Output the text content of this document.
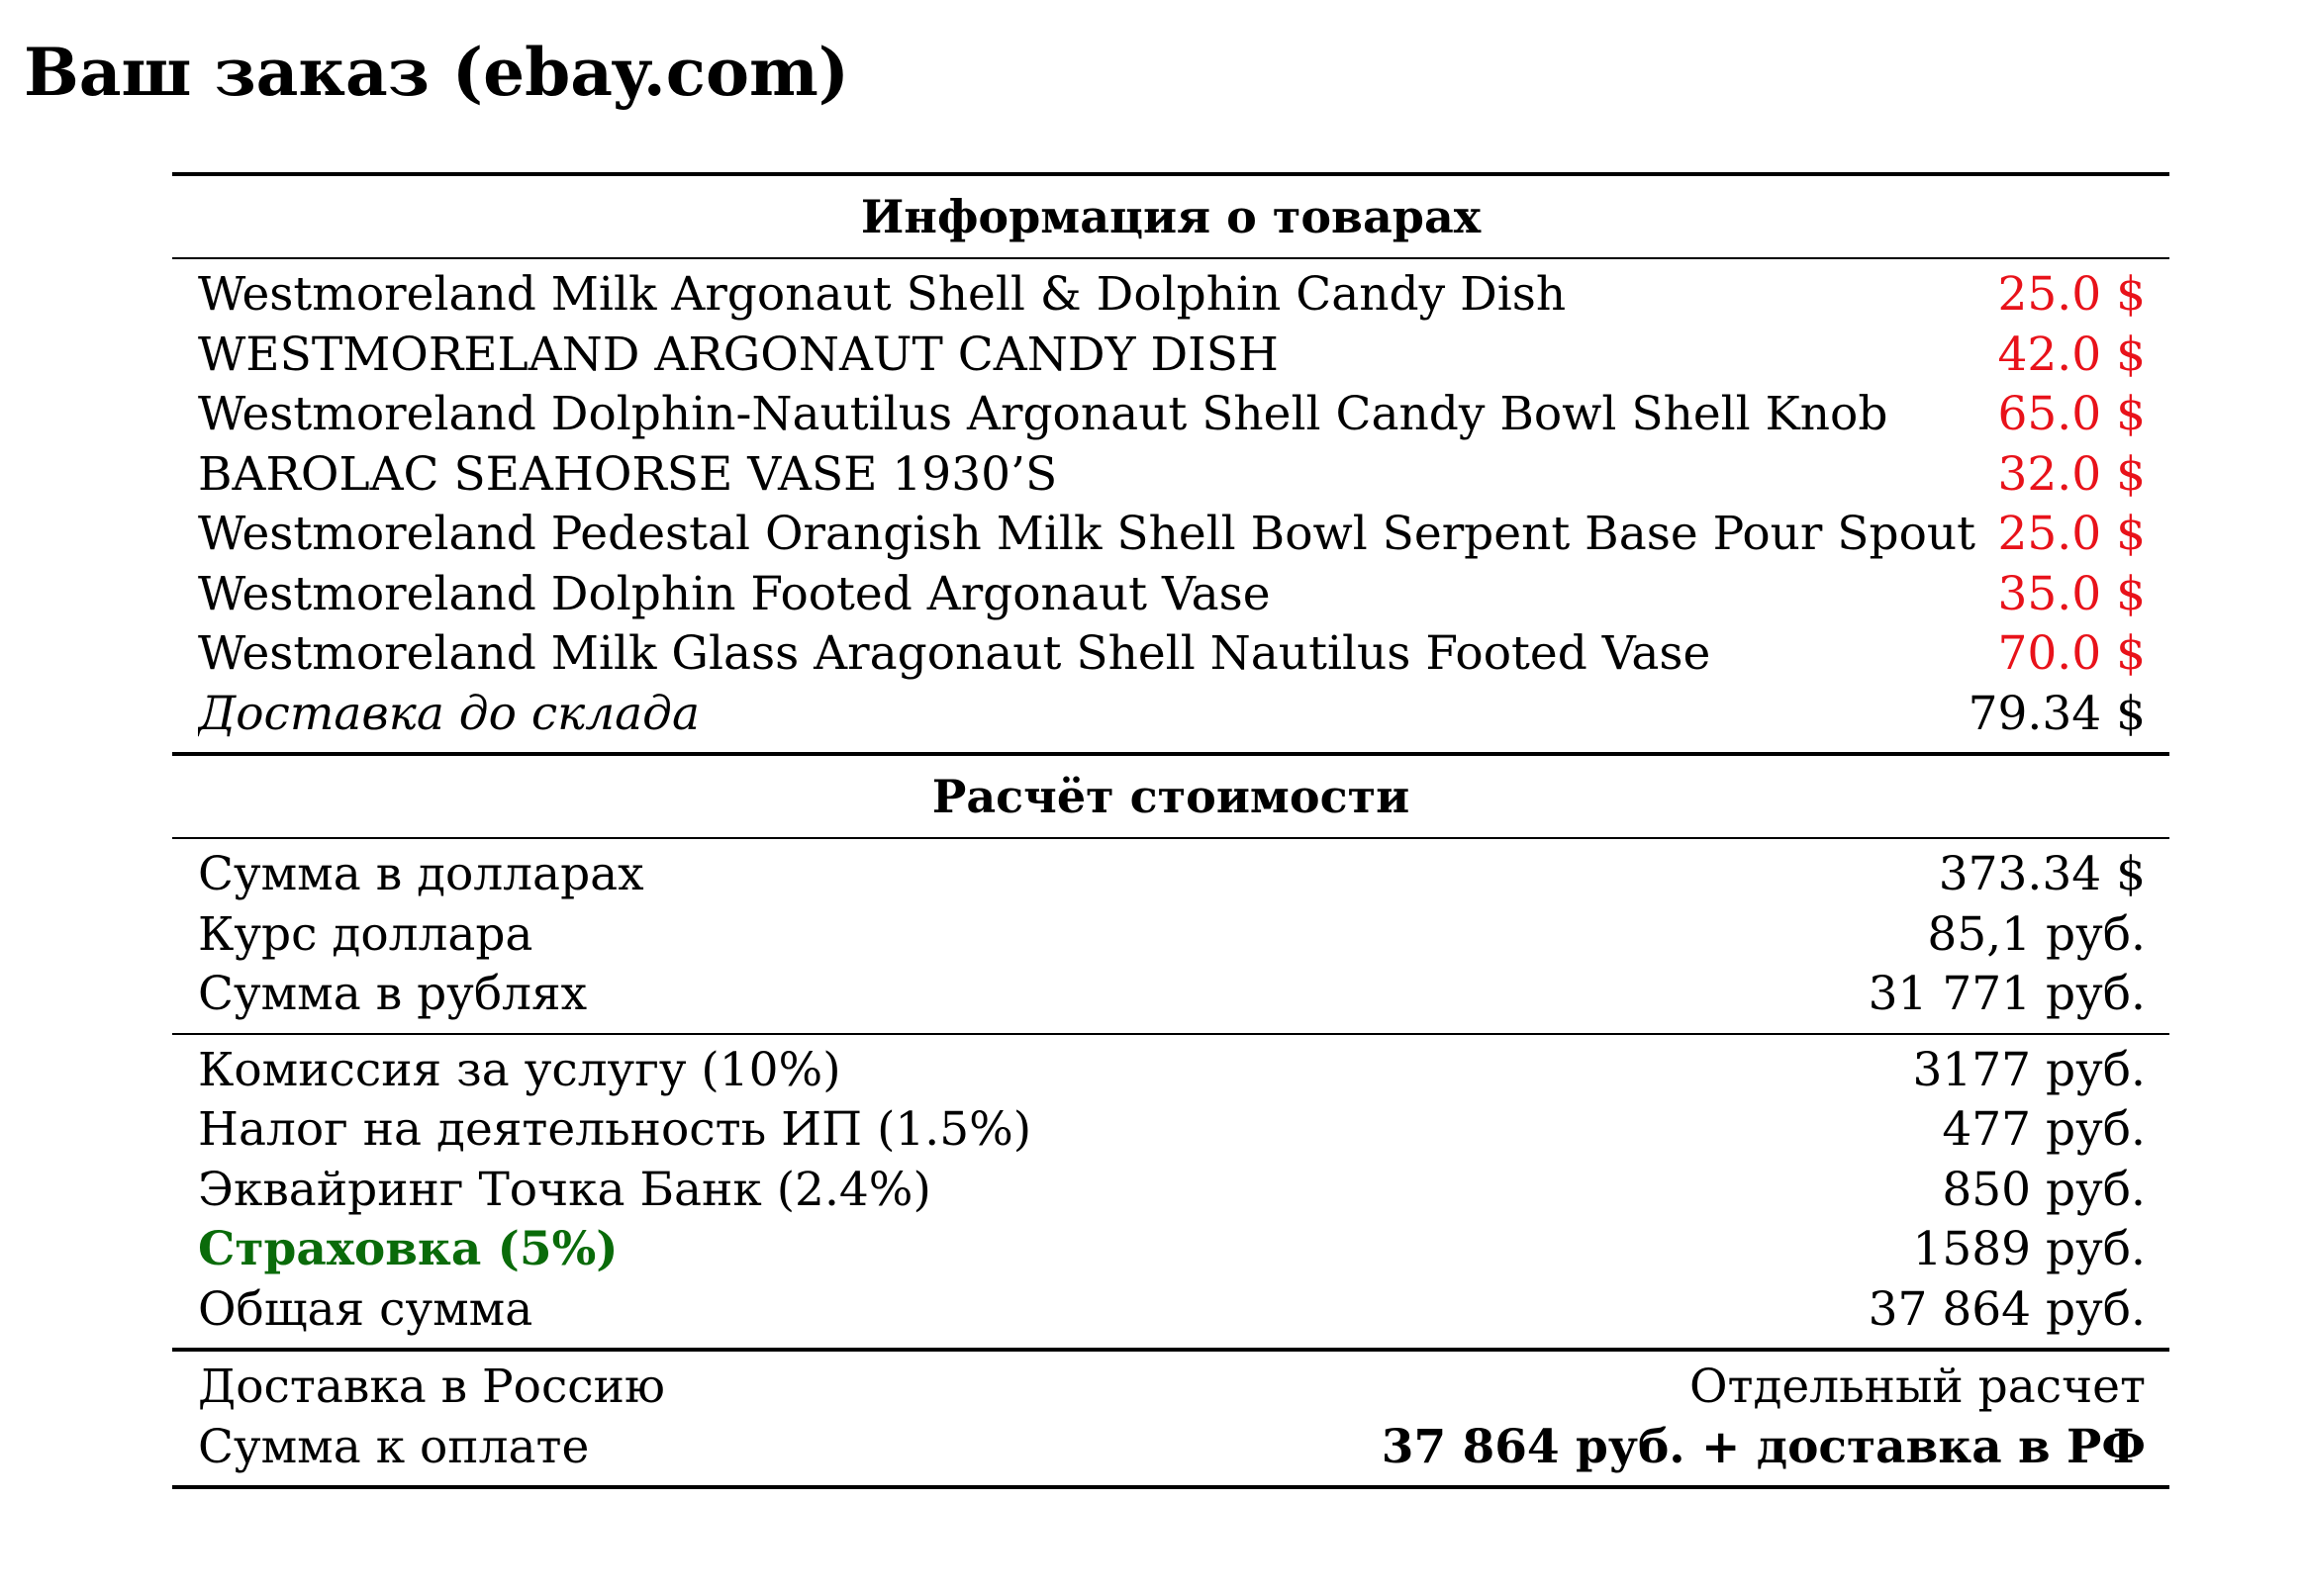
Ваш заказ (ebay.com)
Информация о товарах
Westmoreland Milk Argonaut Shell & Dolphin Candy Dish	25.0 $
WESTMORELAND ARGONAUT CANDY DISH	42.0 $
Westmoreland Dolphin-Nautilus Argonaut Shell Candy Bowl Shell Knob	65.0 $
BAROLAC SEAHORSE VASE 1930’S	32.0 $
Westmoreland Pedestal Orangish Milk Shell Bowl Serpent Base Pour Spout 25.0 $
Westmoreland Dolphin Footed Argonaut Vase	35.0 $
Westmoreland Milk Glass Aragonaut Shell Nautilus Footed Vase	70.0 $
Доставка до склада	79.34 $
Расчёт стоимости
Сумма в долларах	373.34 $
Курс доллара	85,1 руб.
Сумма в рублях	31 771 руб.
Комиссия за услугу (10%)	3177 руб.
Налог на деятельность ИП (1.5%)	477 руб.
Эквайринг Точка Банк (2.4%)	850 руб.
Страховка (5%)	1589 руб.
Общая сумма	37 864 руб.
Доставка в Россию	Отдельный расчет
Сумма к оплате	37 864 руб. + доставка в РФ
